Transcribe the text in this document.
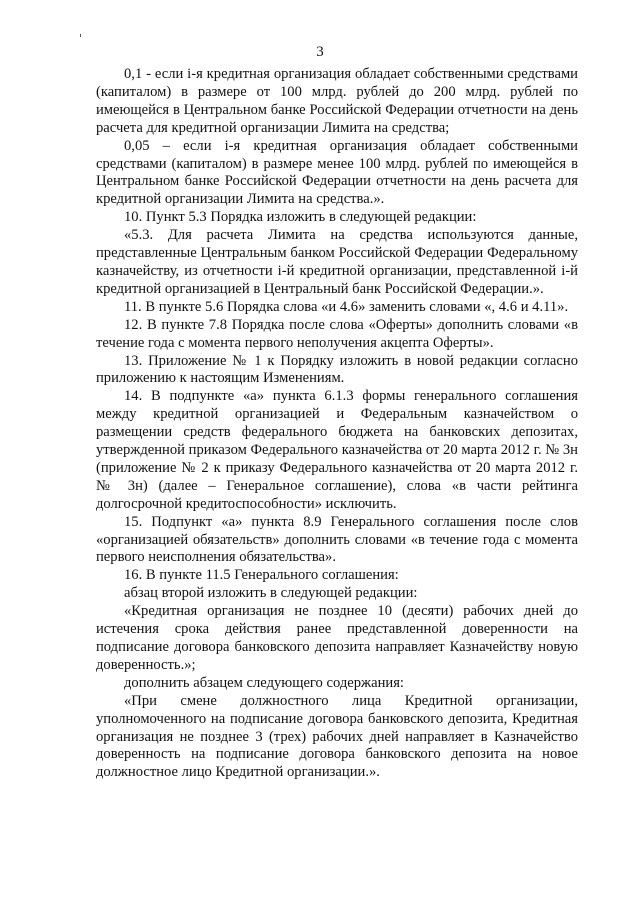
3

0,1 - если i-я кредитная организация обладает собственными средствами (капиталом) в размере от 100 млрд. рублей до 200 млрд. рублей по имеющейся в Центральном банке Российской Федерации отчетности на день расчета для кредитной организации Лимита на средства;

0,05 – если i-я кредитная организация обладает собственными средствами (капиталом) в размере менее 100 млрд. рублей по имеющейся в Центральном банке Российской Федерации отчетности на день расчета для кредитной организации Лимита на средства.».

10. Пункт 5.3 Порядка изложить в следующей редакции:

«5.3. Для расчета Лимита на средства используются данные, представленные Центральным банком Российской Федерации Федеральному казначейству, из отчетности i-й кредитной организации, представленной i-й кредитной организацией в Центральный банк Российской Федерации.».

11. В пункте 5.6 Порядка слова «и 4.6» заменить словами «, 4.6 и 4.11».

12. В пункте 7.8 Порядка после слова «Оферты» дополнить словами «в течение года с момента первого неполучения акцепта Оферты».

13. Приложение № 1 к Порядку изложить в новой редакции согласно приложению к настоящим Изменениям.

14. В подпункте «а» пункта 6.1.3 формы генерального соглашения между кредитной организацией и Федеральным казначейством о размещении средств федерального бюджета на банковских депозитах, утвержденной приказом Федерального казначейства от 20 марта 2012 г. № 3н (приложение № 2 к приказу Федерального казначейства от 20 марта 2012 г. № 3н) (далее – Генеральное соглашение), слова «в части рейтинга долгосрочной кредитоспособности» исключить.

15. Подпункт «а» пункта 8.9 Генерального соглашения после слов «организацией обязательств» дополнить словами «в течение года с момента первого неисполнения обязательства».

16. В пункте 11.5 Генерального соглашения:

абзац второй изложить в следующей редакции:

«Кредитная организация не позднее 10 (десяти) рабочих дней до истечения срока действия ранее представленной доверенности на подписание договора банковского депозита направляет Казначейству новую доверенность.»;

дополнить абзацем следующего содержания:

«При смене должностного лица Кредитной организации, уполномоченного на подписание договора банковского депозита, Кредитная организация не позднее 3 (трех) рабочих дней направляет в Казначейство доверенность на подписание договора банковского депозита на новое должностное лицо Кредитной организации.».
